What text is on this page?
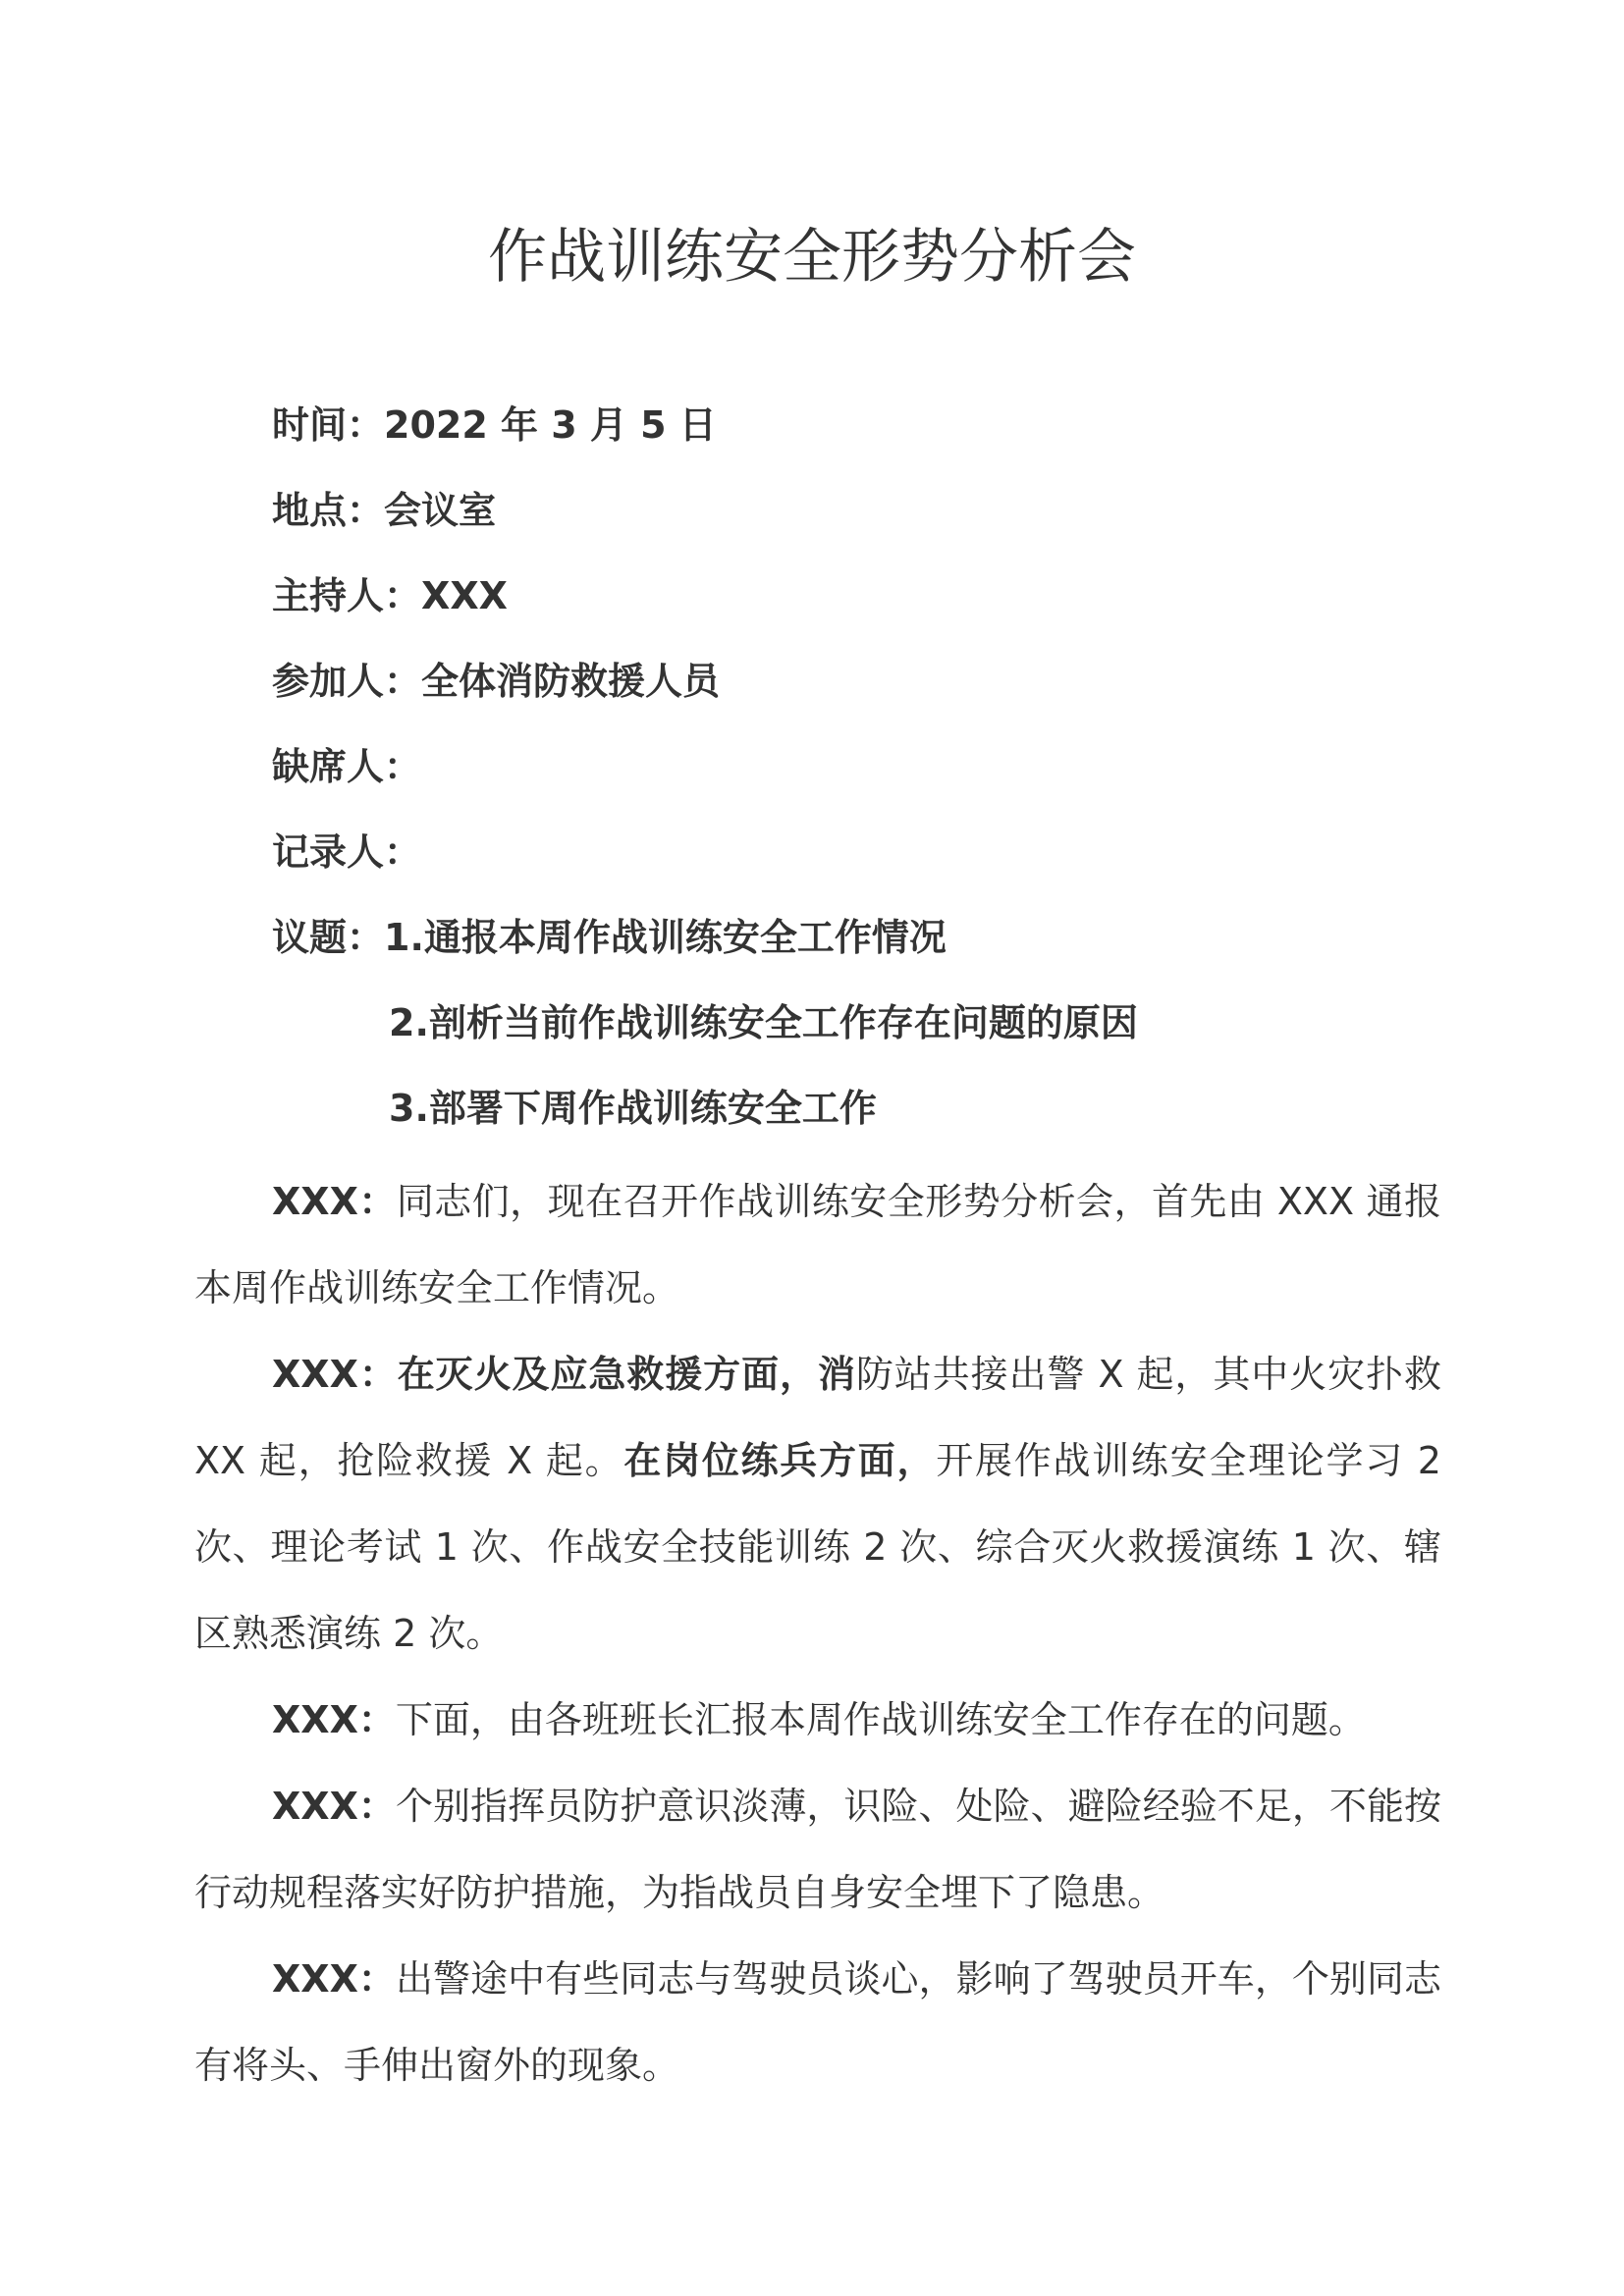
作战训练安全形势分析会
时间：2022 年 3 月 5 日
地点：会议室
主持人：XXX
参加人：全体消防救援人员
缺席人：
记录人：
议题：1.通报本周作战训练安全工作情况
2.剖析当前作战训练安全工作存在问题的原因
3.部署下周作战训练安全工作

XXX：同志们，现在召开作战训练安全形势分析会，首先由 XXX 通报本周作战训练安全工作情况。

XXX：在灭火及应急救援方面，消防站共接出警 X 起，其中火灾扑救 XX 起，抢险救援 X 起。在岗位练兵方面，开展作战训练安全理论学习 2 次、理论考试 1 次、作战安全技能训练 2 次、综合灭火救援演练 1 次、辖区熟悉演练 2 次。

XXX：下面，由各班班长汇报本周作战训练安全工作存在的问题。

XXX：个别指挥员防护意识淡薄，识险、处险、避险经验不足，不能按行动规程落实好防护措施，为指战员自身安全埋下了隐患。

XXX：出警途中有些同志与驾驶员谈心，影响了驾驶员开车，个别同志有将头、手伸出窗外的现象。
